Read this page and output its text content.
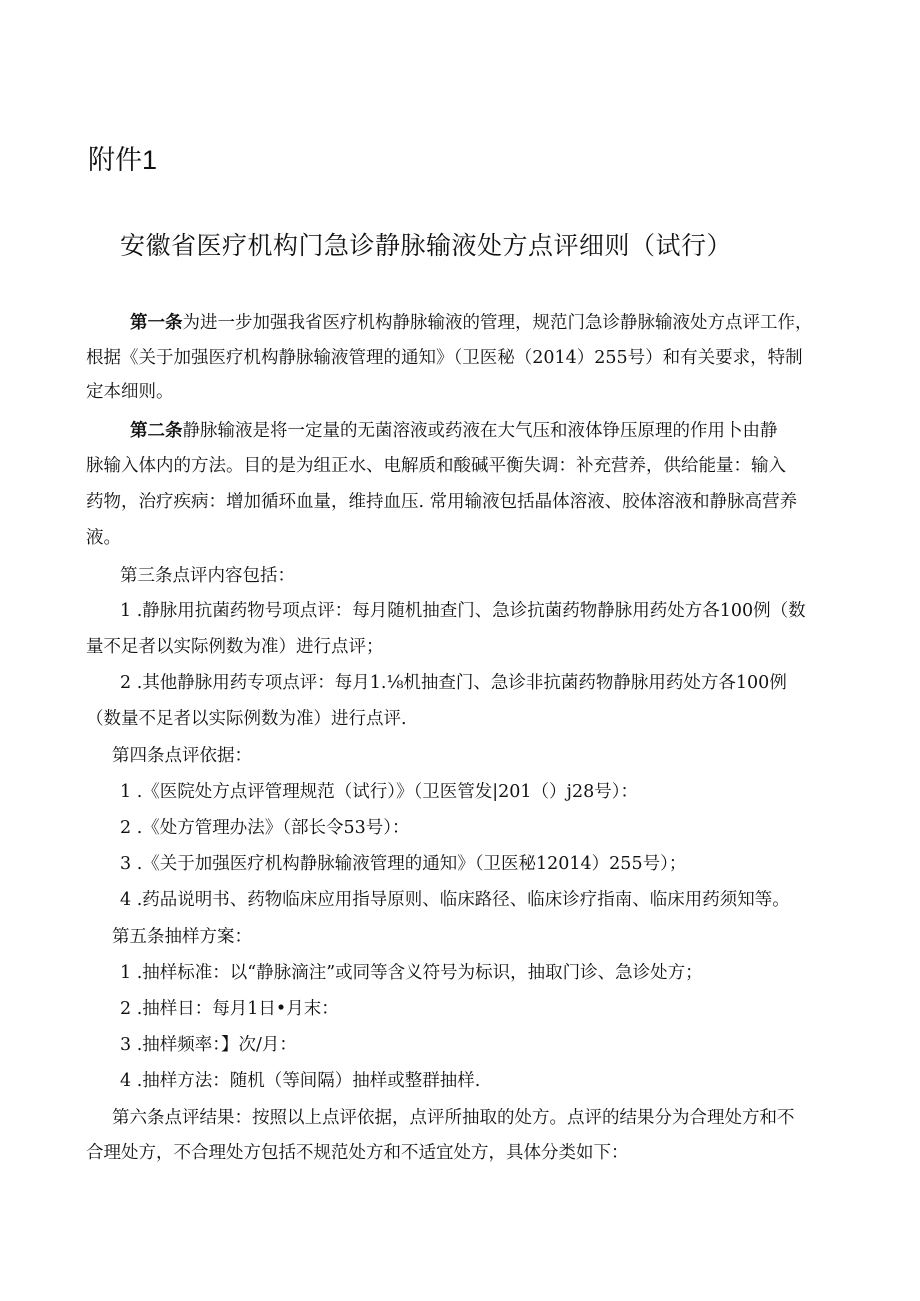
附件1
安徽省医疗机构门急诊静脉输液处方点评细则（试行）
第一条为进一步加强我省医疗机构静脉输液的管理，规范门急诊静脉输液处方点评工作，
根据《关于加强医疗机构静脉输液管理的通知》（卫医秘（2014）255号）和有关要求，特制
定本细则。
第二条静脉输液是将一定量的无菌溶液或药液在大气压和液体铮压原理的作用卜由静
脉输入体内的方法。目的是为组正水、电解质和酸碱平衡失调：补充营养，供给能量：输入
药物，治疗疾病：增加循环血量，维持血压. 常用输液包括晶体溶液、胶体溶液和静脉高营养
液。
第三条点评内容包括：
1 .静脉用抗菌药物号项点评：每月随机抽查门、急诊抗菌药物静脉用药处方各100例（数
量不足者以实际例数为准）进行点评；
2 .其他静脉用药专项点评：每月1.⅛机抽查门、急诊非抗菌药物静脉用药处方各100例
（数量不足者以实际例数为准）进行点评.
第四条点评依据：
1 .《医院处方点评管理规范（试行）》（卫医管发|201（）j28号）：
2 .《处方管理办法》（部长令53号）：
3 .《关于加强医疗机构静脉输液管理的通知》（卫医秘12014）255号）；
4 .药品说明书、药物临床应用指导原则、临床路径、临床诊疗指南、临床用药须知等。
第五条抽样方案：
1 .抽样标准：以“静脉滴注”或同等含义符号为标识，抽取门诊、急诊处方；
2 .抽样日：每月1日•月末：
3 .抽样频率：】次/月：
4 .抽样方法：随机（等间隔）抽样或整群抽样.
第六条点评结果：按照以上点评依据，点评所抽取的处方。点评的结果分为合理处方和不
合理处方，不合理处方包括不规范处方和不适宜处方，具体分类如下：
